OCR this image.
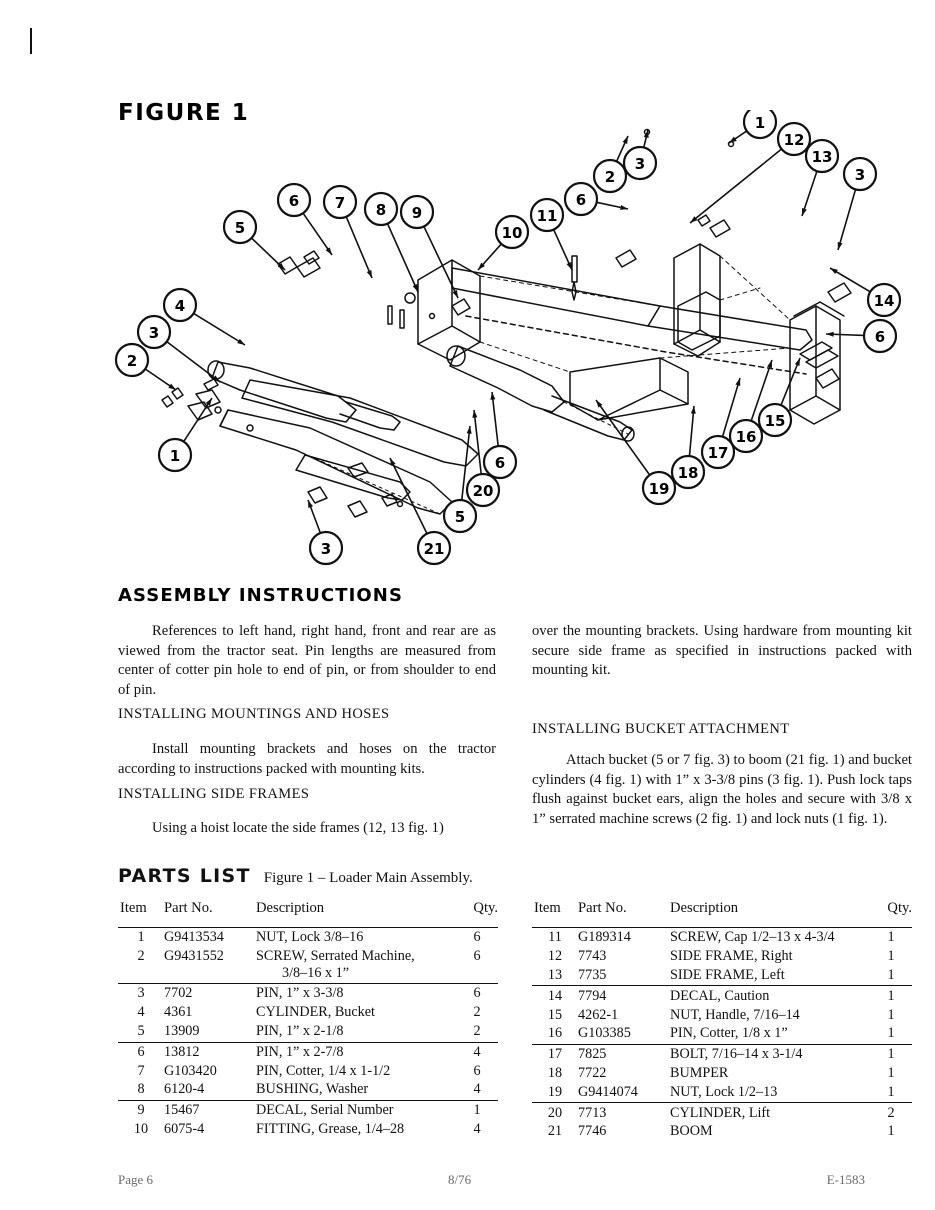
FIGURE 1
5
6 7 8 9
10
11
6
2
3
1
12
13
3
14
6
4
3
2
1
3	21
5
20
6
19
18
17
16
15
ASSEMBLY INSTRUCTIONS
References to left hand, right hand, front and rear are as viewed from the tractor seat. Pin lengths are measured from center of cotter pin hole to end of pin, or from shoulder to end of pin.
INSTALLING MOUNTINGS AND HOSES
Install mounting brackets and hoses on the tractor according to instructions packed with mounting kits.
INSTALLING SIDE FRAMES
Using a hoist locate the side frames (12, 13 fig. 1)
over the mounting brackets. Using hardware from mounting kit secure side frame as specified in instructions packed with mounting kit.
INSTALLING BUCKET ATTACHMENT
Attach bucket (5 or 7 fig. 3) to boom (21 fig. 1) and bucket cylinders (4 fig. 1) with 1” x 3-3/8 pins (3 fig. 1). Push lock taps flush against bucket ears, align the holes and secure with 3/8 x 1” serrated machine screws (2 fig. 1) and lock nuts (1 fig. 1).
PARTS LIST Figure 1 – Loader Main Assembly.
Item	Part No.	Description	Qty.

1	G9413534	NUT, Lock 3/8–16	6
2	G9431552	SCREW, Serrated Machine,
3/8–16 x 1”	6
3	7702	PIN, 1” x 3-3/8	6
4	4361	CYLINDER, Bucket	2
5	13909	PIN, 1” x 2-1/8	2
6	13812	PIN, 1” x 2-7/8	4
7	G103420	PIN, Cotter, 1/4 x 1-1/2	6
8	6120-4	BUSHING, Washer	4
9	15467	DECAL, Serial Number	1
10	6075-4	FITTING, Grease, 1/4–28	4
Item	Part No.	Description	Qty.

11	G189314	SCREW, Cap 1/2–13 x 4-3/4	1
12	7743	SIDE FRAME, Right	1
13	7735	SIDE FRAME, Left	1
14	7794	DECAL, Caution	1
15	4262-1	NUT, Handle, 7/16–14	1
16	G103385	PIN, Cotter, 1/8 x 1”	1
17	7825	BOLT, 7/16–14 x 3-1/4	1
18	7722	BUMPER	1
19	G9414074	NUT, Lock 1/2–13	1
20	7713	CYLINDER, Lift	2
21	7746	BOOM	1
Page 6	8/76	E-1583
